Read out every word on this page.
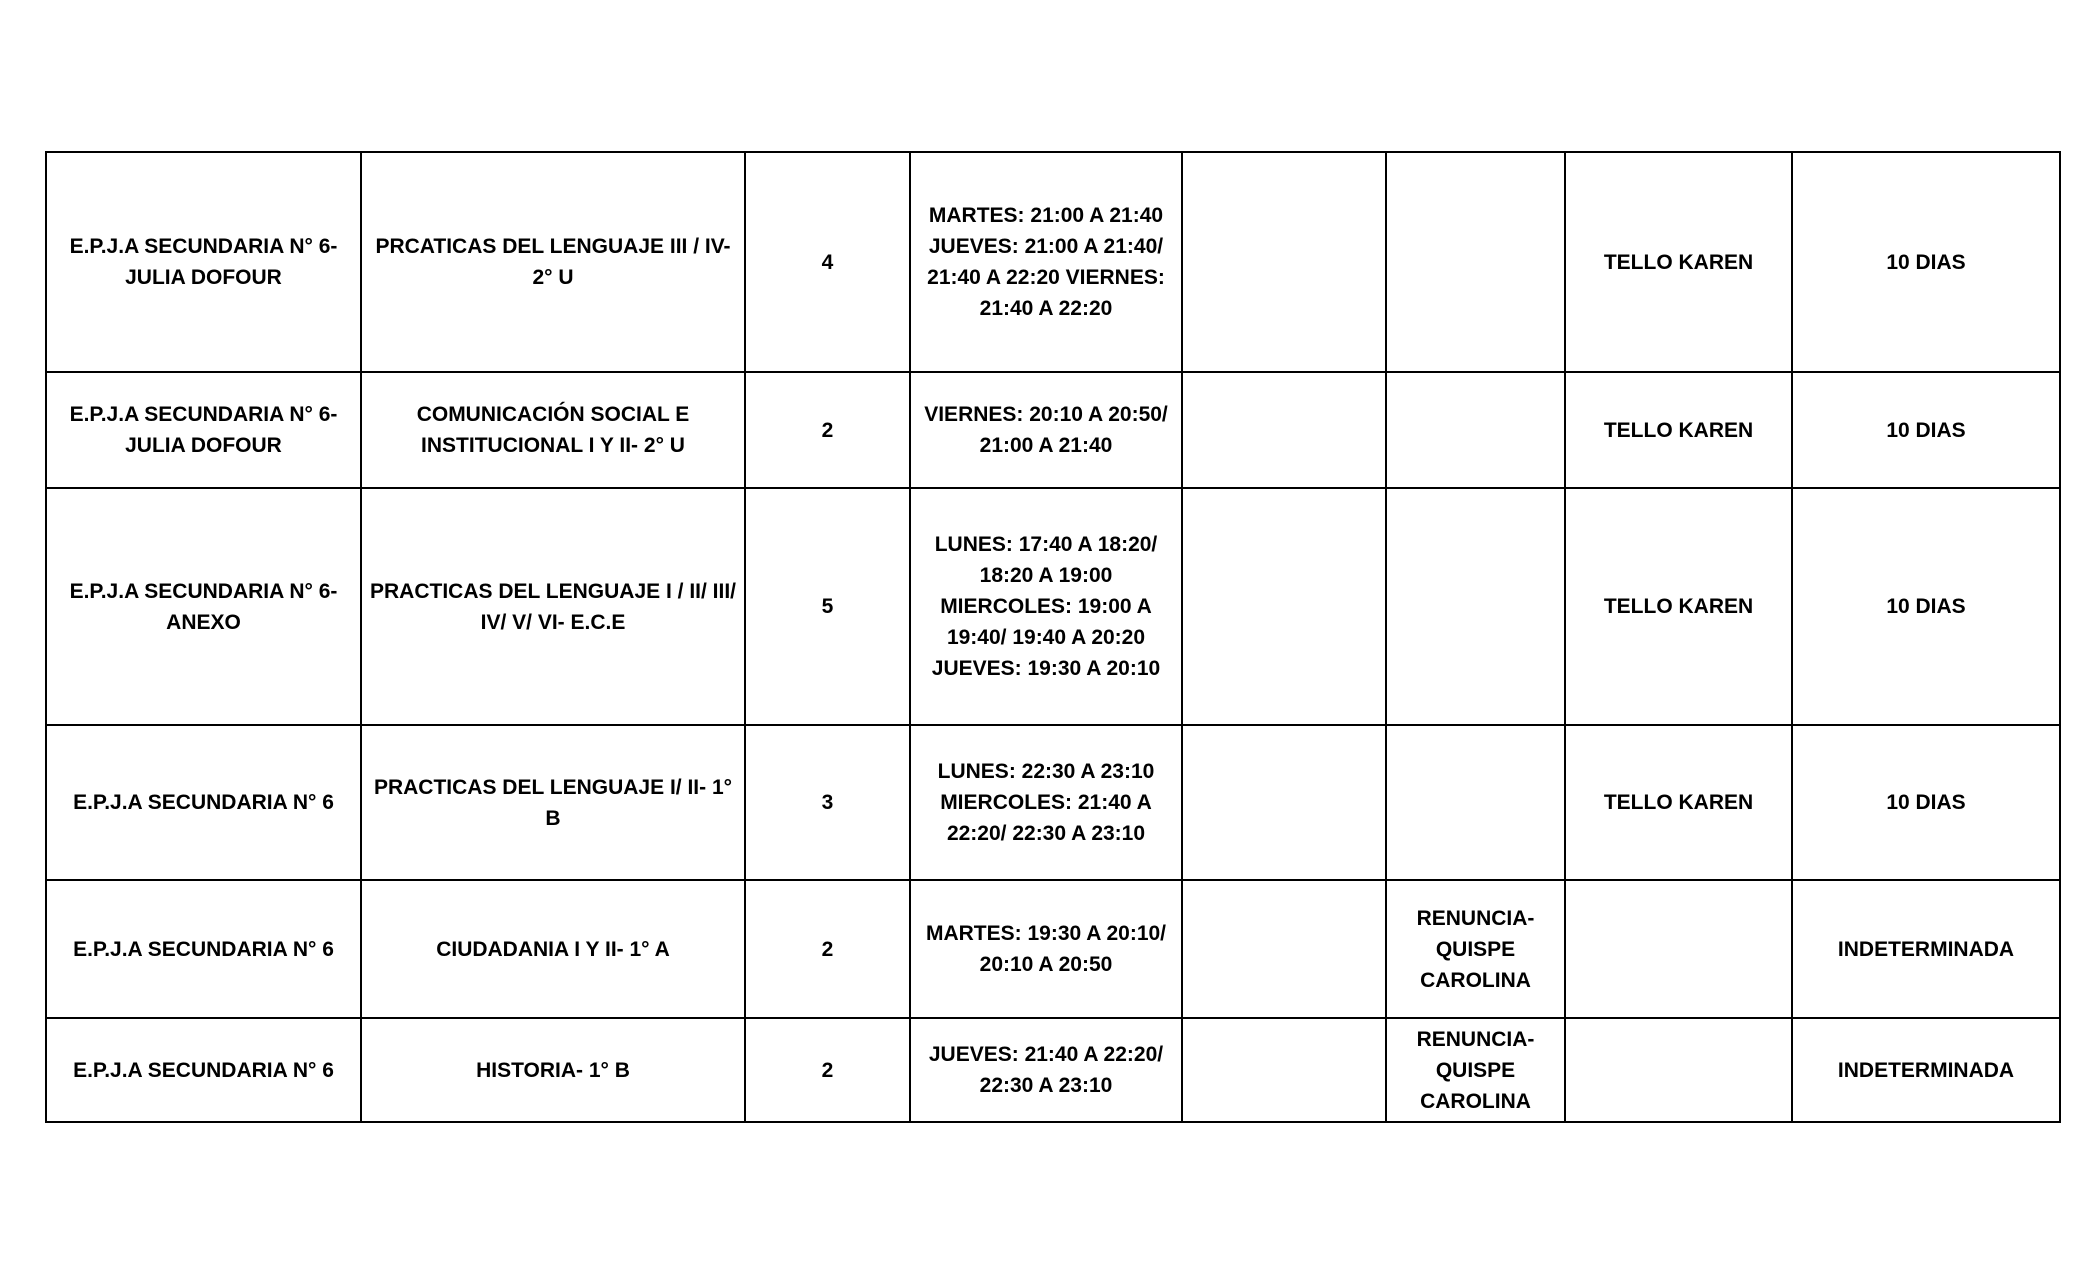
E.P.J.A SECUNDARIA N° 6- JULIA DOFOUR	PRCATICAS DEL LENGUAJE III / IV- 2° U	4	MARTES: 21:00 A 21:40 JUEVES: 21:00 A 21:40/ 21:40 A 22:20 VIERNES: 21:40 A 22:20			TELLO KAREN	10 DIAS
E.P.J.A SECUNDARIA N° 6- JULIA DOFOUR	COMUNICACIÓN SOCIAL E INSTITUCIONAL I Y II- 2° U	2	VIERNES: 20:10 A 20:50/ 21:00 A 21:40			TELLO KAREN	10 DIAS
E.P.J.A SECUNDARIA N° 6- ANEXO	PRACTICAS DEL LENGUAJE I / II/ III/ IV/ V/ VI- E.C.E	5	LUNES: 17:40 A 18:20/ 18:20 A 19:00 MIERCOLES: 19:00 A 19:40/ 19:40 A 20:20 JUEVES: 19:30 A 20:10			TELLO KAREN	10 DIAS
E.P.J.A SECUNDARIA N° 6	PRACTICAS DEL LENGUAJE I/ II- 1° B	3	LUNES: 22:30 A 23:10 MIERCOLES: 21:40 A 22:20/ 22:30 A 23:10			TELLO KAREN	10 DIAS
E.P.J.A SECUNDARIA N° 6	CIUDADANIA I Y II- 1° A	2	MARTES: 19:30 A 20:10/ 20:10 A 20:50		RENUNCIA- QUISPE CAROLINA		INDETERMINADA
E.P.J.A SECUNDARIA N° 6	HISTORIA- 1° B	2	JUEVES: 21:40 A 22:20/ 22:30 A 23:10		RENUNCIA- QUISPE CAROLINA		INDETERMINADA
